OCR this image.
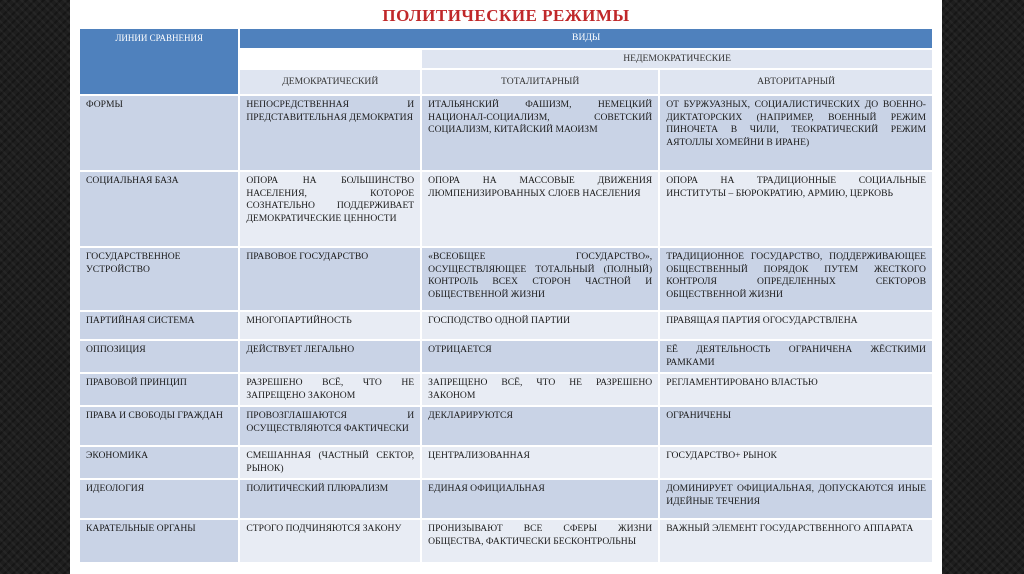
ПОЛИТИЧЕСКИЕ РЕЖИМЫ
ЛИНИИ СРАВНЕНИЯ	ВИДЫ		
		НЕДЕМОКРАТИЧЕСКИЕ	
	ДЕМОКРАТИЧЕСКИЙ	ТОТАЛИТАРНЫЙ	АВТОРИТАРНЫЙ
ФОРМЫ	НЕПОСРЕДСТВЕННАЯ И ПРЕДСТАВИТЕЛЬНАЯ ДЕМОКРАТИЯ	ИТАЛЬЯНСКИЙ ФАШИЗМ, НЕМЕЦКИЙ НАЦИОНАЛ-СОЦИАЛИЗМ, СОВЕТСКИЙ СОЦИАЛИЗМ, КИТАЙСКИЙ МАОИЗМ	ОТ БУРЖУАЗНЫХ, СОЦИАЛИСТИЧЕСКИХ ДО ВОЕННО-ДИКТАТОРСКИХ (НАПРИМЕР, ВОЕННЫЙ РЕЖИМ ПИНОЧЕТА В ЧИЛИ, ТЕОКРАТИЧЕСКИЙ РЕЖИМ АЯТОЛЛЫ ХОМЕЙНИ В ИРАНЕ)
СОЦИАЛЬНАЯ БАЗА	ОПОРА НА БОЛЬШИНСТВО НАСЕЛЕНИЯ, КОТОРОЕ СОЗНАТЕЛЬНО ПОДДЕРЖИВАЕТ ДЕМОКРАТИЧЕСКИЕ ЦЕННОСТИ	ОПОРА НА МАССОВЫЕ ДВИЖЕНИЯ ЛЮМПЕНИЗИРОВАННЫХ СЛОЕВ НАСЕЛЕНИЯ	ОПОРА НА ТРАДИЦИОННЫЕ СОЦИАЛЬНЫЕ ИНСТИТУТЫ – БЮРОКРАТИЮ, АРМИЮ, ЦЕРКОВЬ
ГОСУДАРСТВЕННОЕ УСТРОЙСТВО	ПРАВОВОЕ ГОСУДАРСТВО	«ВСЕОБЩЕЕ ГОСУДАРСТВО», ОСУЩЕСТВЛЯЮЩЕЕ ТОТАЛЬНЫЙ (ПОЛНЫЙ) КОНТРОЛЬ ВСЕХ СТОРОН ЧАСТНОЙ И ОБЩЕСТВЕННОЙ ЖИЗНИ	ТРАДИЦИОННОЕ ГОСУДАРСТВО, ПОДДЕРЖИВАЮЩЕЕ ОБЩЕСТВЕННЫЙ ПОРЯДОК ПУТЕМ ЖЕСТКОГО КОНТРОЛЯ ОПРЕДЕЛЕННЫХ СЕКТОРОВ ОБЩЕСТВЕННОЙ ЖИЗНИ
ПАРТИЙНАЯ СИСТЕМА	МНОГОПАРТИЙНОСТЬ	ГОСПОДСТВО ОДНОЙ ПАРТИИ	ПРАВЯЩАЯ ПАРТИЯ ОГОСУДАРСТВЛЕНА
ОППОЗИЦИЯ	ДЕЙСТВУЕТ ЛЕГАЛЬНО	ОТРИЦАЕТСЯ	ЕЁ ДЕЯТЕЛЬНОСТЬ ОГРАНИЧЕНА ЖЁСТКИМИ РАМКАМИ
ПРАВОВОЙ ПРИНЦИП	РАЗРЕШЕНО ВСЁ, ЧТО НЕ ЗАПРЕЩЕНО ЗАКОНОМ	ЗАПРЕЩЕНО ВСЁ, ЧТО НЕ РАЗРЕШЕНО ЗАКОНОМ	РЕГЛАМЕНТИРОВАНО ВЛАСТЬЮ
ПРАВА И СВОБОДЫ ГРАЖДАН	ПРОВОЗГЛАШАЮТСЯ И ОСУЩЕСТВЛЯЮТСЯ ФАКТИЧЕСКИ	ДЕКЛАРИРУЮТСЯ	ОГРАНИЧЕНЫ
ЭКОНОМИКА	СМЕШАННАЯ (ЧАСТНЫЙ СЕКТОР, РЫНОК)	ЦЕНТРАЛИЗОВАННАЯ	ГОСУДАРСТВО+ РЫНОК
ИДЕОЛОГИЯ	ПОЛИТИЧЕСКИЙ ПЛЮРАЛИЗМ	ЕДИНАЯ ОФИЦИАЛЬНАЯ	ДОМИНИРУЕТ ОФИЦИАЛЬНАЯ, ДОПУСКАЮТСЯ ИНЫЕ ИДЕЙНЫЕ ТЕЧЕНИЯ
КАРАТЕЛЬНЫЕ ОРГАНЫ	СТРОГО ПОДЧИНЯЮТСЯ ЗАКОНУ	ПРОНИЗЫВАЮТ ВСЕ СФЕРЫ ЖИЗНИ ОБЩЕСТВА, ФАКТИЧЕСКИ БЕСКОНТРОЛЬНЫ	ВАЖНЫЙ ЭЛЕМЕНТ ГОСУДАРСТВЕННОГО АППАРАТА
